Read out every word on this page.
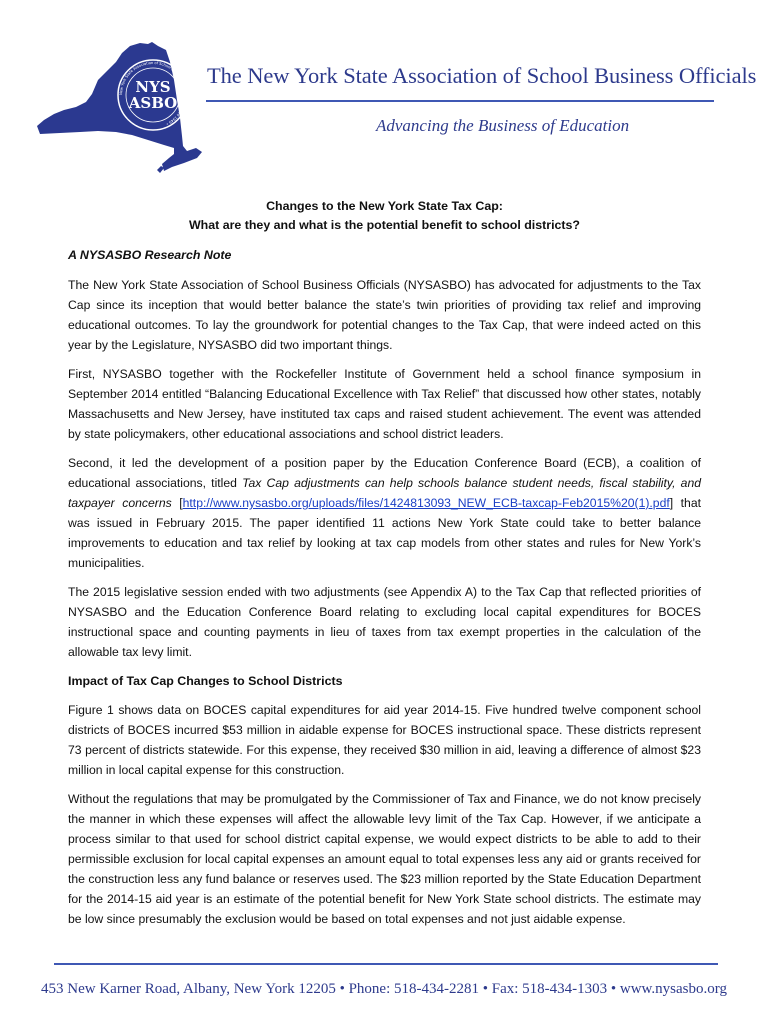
New York State Association of School Business Officials • Founded 1949 •
NYS
ASBO
The New York State Association of School Business Officials
Advancing the Business of Education

Changes to the New York State Tax Cap:
What are they and what is the potential benefit to school districts?

A NYSASBO Research Note

The New York State Association of School Business Officials (NYSASBO) has advocated for adjustments to the Tax Cap since its inception that would better balance the state’s twin priorities of providing tax relief and improving educational outcomes. To lay the groundwork for potential changes to the Tax Cap, that were indeed acted on this year by the Legislature, NYSASBO did two important things.

First, NYSASBO together with the Rockefeller Institute of Government held a school finance symposium in September 2014 entitled “Balancing Educational Excellence with Tax Relief” that discussed how other states, notably Massachusetts and New Jersey, have instituted tax caps and raised student achievement. The event was attended by state policymakers, other educational associations and school district leaders.

Second, it led the development of a position paper by the Education Conference Board (ECB), a coalition of educational associations, titled Tax Cap adjustments can help schools balance student needs, fiscal stability, and taxpayer concerns [http://www.nysasbo.org/uploads/files/1424813093_NEW_ECB-taxcap-Feb2015%20(1).pdf] that was issued in February 2015. The paper identified 11 actions New York State could take to better balance improvements to education and tax relief by looking at tax cap models from other states and rules for New York’s municipalities.

The 2015 legislative session ended with two adjustments (see Appendix A) to the Tax Cap that reflected priorities of NYSASBO and the Education Conference Board relating to excluding local capital expenditures for BOCES instructional space and counting payments in lieu of taxes from tax exempt properties in the calculation of the allowable tax levy limit.

Impact of Tax Cap Changes to School Districts

Figure 1 shows data on BOCES capital expenditures for aid year 2014-15. Five hundred twelve component school districts of BOCES incurred $53 million in aidable expense for BOCES instructional space. These districts represent 73 percent of districts statewide. For this expense, they received $30 million in aid, leaving a difference of almost $23 million in local capital expense for this construction.

Without the regulations that may be promulgated by the Commissioner of Tax and Finance, we do not know precisely the manner in which these expenses will affect the allowable levy limit of the Tax Cap. However, if we anticipate a process similar to that used for school district capital expense, we would expect districts to be able to add to their permissible exclusion for local capital expenses an amount equal to total expenses less any aid or grants received for the construction less any fund balance or reserves used. The $23 million reported by the State Education Department for the 2014-15 aid year is an estimate of the potential benefit for New York State school districts. The estimate may be low since presumably the exclusion would be based on total expenses and not just aidable expense.

453 New Karner Road, Albany, New York 12205 • Phone: 518-434-2281 • Fax: 518-434-1303 • www.nysasbo.org
